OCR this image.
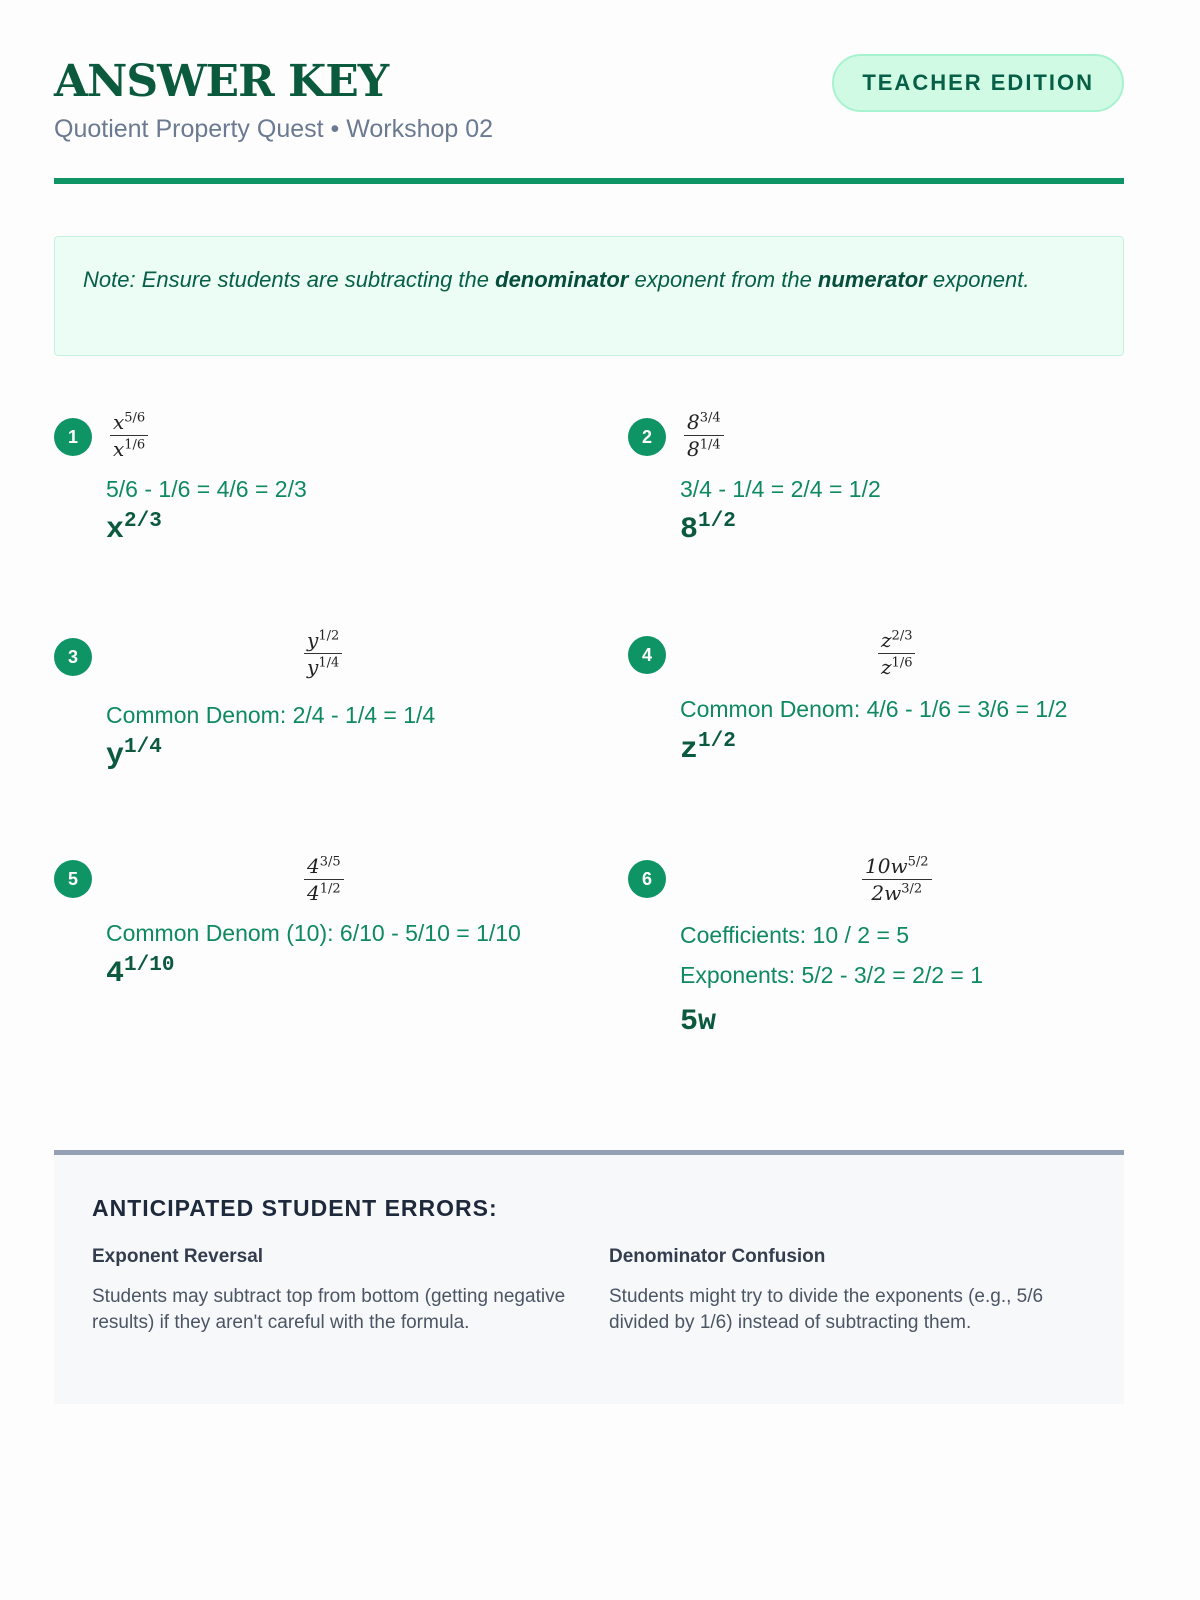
ANSWER KEY
Quotient Property Quest • Workshop 02
TEACHER EDITION
Note: Ensure students are subtracting the denominator exponent from the numerator exponent.
1	$\frac{x^{5/6}}{x^{1/6}}$
5/6 - 1/6 = 4/6 = 2/3
$x^{2/3}$
2	$\frac{8^{3/4}}{8^{1/4}}$
3/4 - 1/4 = 2/4 = 1/2
$8^{1/2}$
3	$\frac{y^{1/2}}{y^{1/4}}$
Common Denom: 2/4 - 1/4 = 1/4
$y^{1/4}$
4	$\frac{z^{2/3}}{z^{1/6}}$
Common Denom: 4/6 - 1/6 = 3/6 = 1/2
$z^{1/2}$
5	$\frac{4^{3/5}}{4^{1/2}}$
Common Denom (10): 6/10 - 5/10 = 1/10
$4^{1/10}$
6	$\frac{10w^{5/2}}{2w^{3/2}}$
Coefficients: 10 / 2 = 5
Exponents: 5/2 - 3/2 = 2/2 = 1
5w
ANTICIPATED STUDENT ERRORS:
Exponent Reversal

Students may subtract top from bottom (getting negative results) if they aren't careful with the formula.

Denominator Confusion

Students might try to divide the exponents (e.g., 5/6 divided by 1/6) instead of subtracting them.
